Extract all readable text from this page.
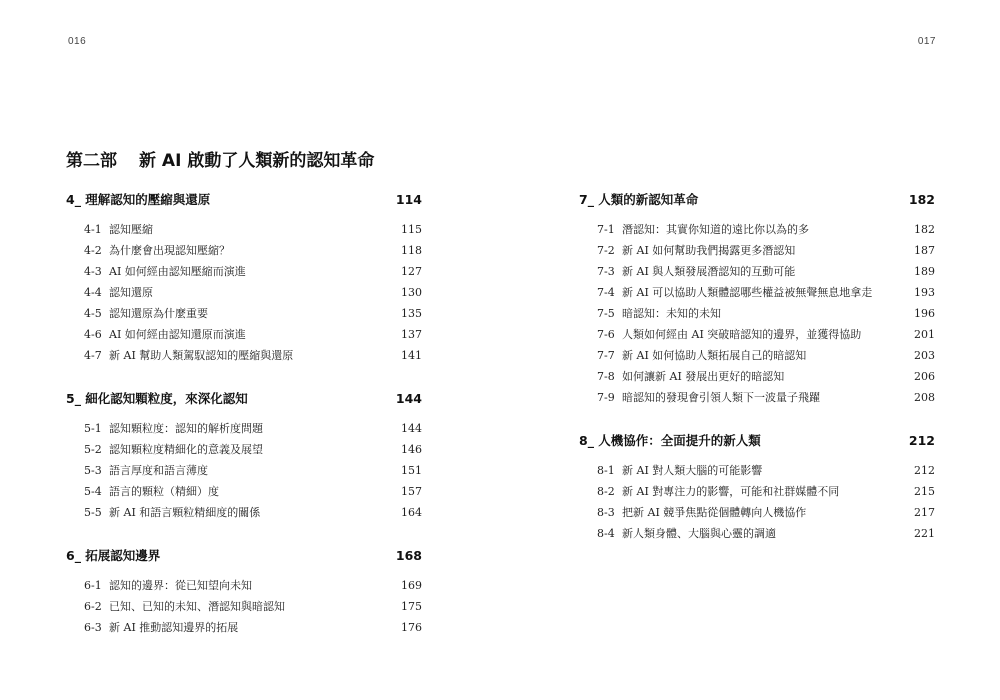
016	017
第二部 新 AI 啟動了人類新的認知革命
4_ 理解認知的壓縮與還原	114
4-1 認知壓縮	115
4-2 為什麼會出現認知壓縮？	118
4-3 AI 如何經由認知壓縮而演進	127
4-4 認知還原	130
4-5 認知還原為什麼重要	135
4-6 AI 如何經由認知還原而演進	137
4-7 新 AI 幫助人類駕馭認知的壓縮與還原	141
5_ 細化認知顆粒度，來深化認知	144
5-1 認知顆粒度：認知的解析度問題	144
5-2 認知顆粒度精細化的意義及展望	146
5-3 語言厚度和語言薄度	151
5-4 語言的顆粒（精細）度	157
5-5 新 AI 和語言顆粒精細度的關係	164
6_ 拓展認知邊界	168
6-1 認知的邊界：從已知望向未知	169
6-2 已知、已知的未知、潛認知與暗認知	175
6-3 新 AI 推動認知邊界的拓展	176
7_ 人類的新認知革命	182
7-1 潛認知：其實你知道的遠比你以為的多	182
7-2 新 AI 如何幫助我們揭露更多潛認知	187
7-3 新 AI 與人類發展潛認知的互動可能	189
7-4 新 AI 可以協助人類體認哪些權益被無聲無息地拿走	193
7-5 暗認知：未知的未知	196
7-6 人類如何經由 AI 突破暗認知的邊界，並獲得協助	201
7-7 新 AI 如何協助人類拓展自己的暗認知	203
7-8 如何讓新 AI 發展出更好的暗認知	206
7-9 暗認知的發現會引領人類下一波量子飛躍	208
8_ 人機協作：全面提升的新人類	212
8-1 新 AI 對人類大腦的可能影響	212
8-2 新 AI 對專注力的影響，可能和社群媒體不同	215
8-3 把新 AI 競爭焦點從個體轉向人機協作	217
8-4 新人類身體、大腦與心靈的調適	221
